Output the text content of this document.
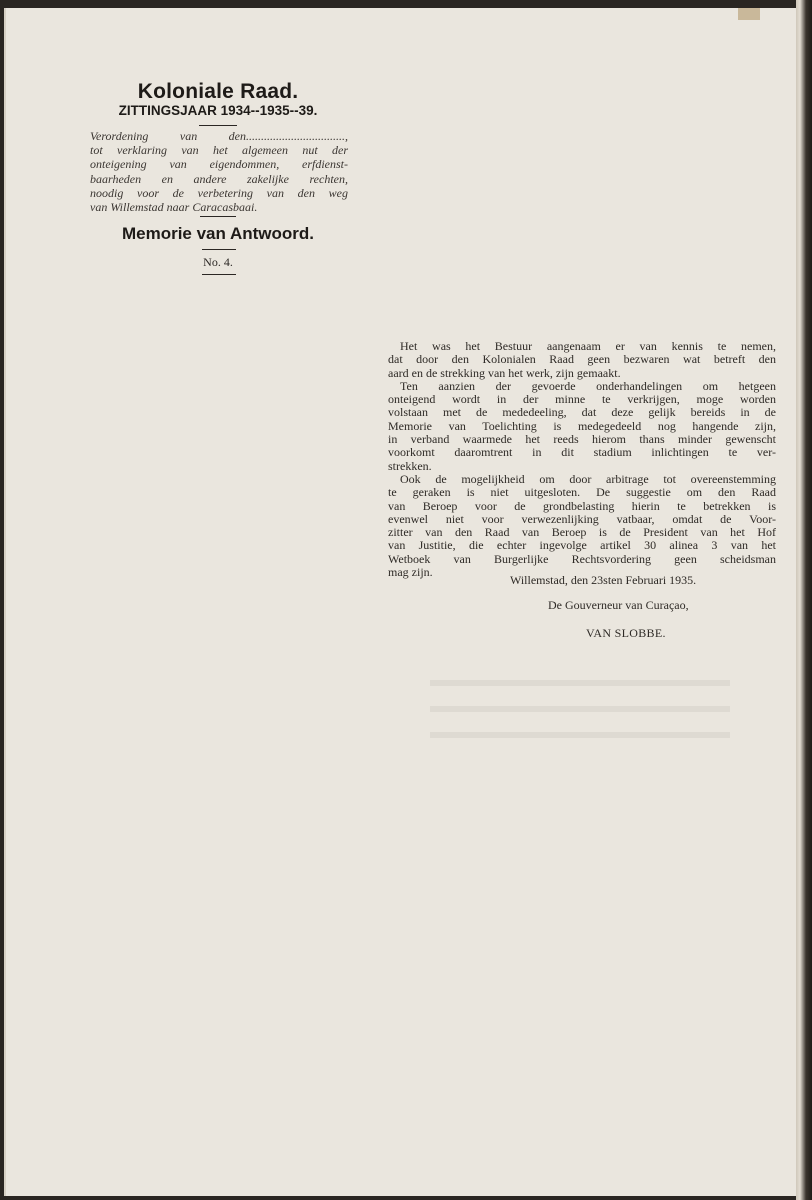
Koloniale Raad.
ZITTINGSJAAR 1934--1935--39.
Verordening van den.................................,
tot verklaring van het algemeen nut der
onteigening van eigendommen, erfdienst-
baarheden en andere zakelijke rechten,
noodig voor de verbetering van den weg
van Willemstad naar Caracasbaai.
Memorie van Antwoord.
No. 4.
Het was het Bestuur aangenaam er van kennis te nemen,
dat door den Kolonialen Raad geen bezwaren wat betreft den
aard en de strekking van het werk, zijn gemaakt.
Ten aanzien der gevoerde onderhandelingen om hetgeen
onteigend wordt in der minne te verkrijgen, moge worden
volstaan met de mededeeling, dat deze gelijk bereids in de
Memorie van Toelichting is medegedeeld nog hangende zijn,
in verband waarmede het reeds hierom thans minder gewenscht
voorkomt daaromtrent in dit stadium inlichtingen te ver-
strekken.
Ook de mogelijkheid om door arbitrage tot overeenstemming
te geraken is niet uitgesloten. De suggestie om den Raad
van Beroep voor de grondbelasting hierin te betrekken is
evenwel niet voor verwezenlijking vatbaar, omdat de Voor-
zitter van den Raad van Beroep is de President van het Hof
van Justitie, die echter ingevolge artikel 30 alinea 3 van het
Wetboek van Burgerlijke Rechtsvordering geen scheidsman
mag zijn.
Willemstad, den 23sten Februari 1935.
De Gouverneur van Curaçao,
VAN SLOBBE.
